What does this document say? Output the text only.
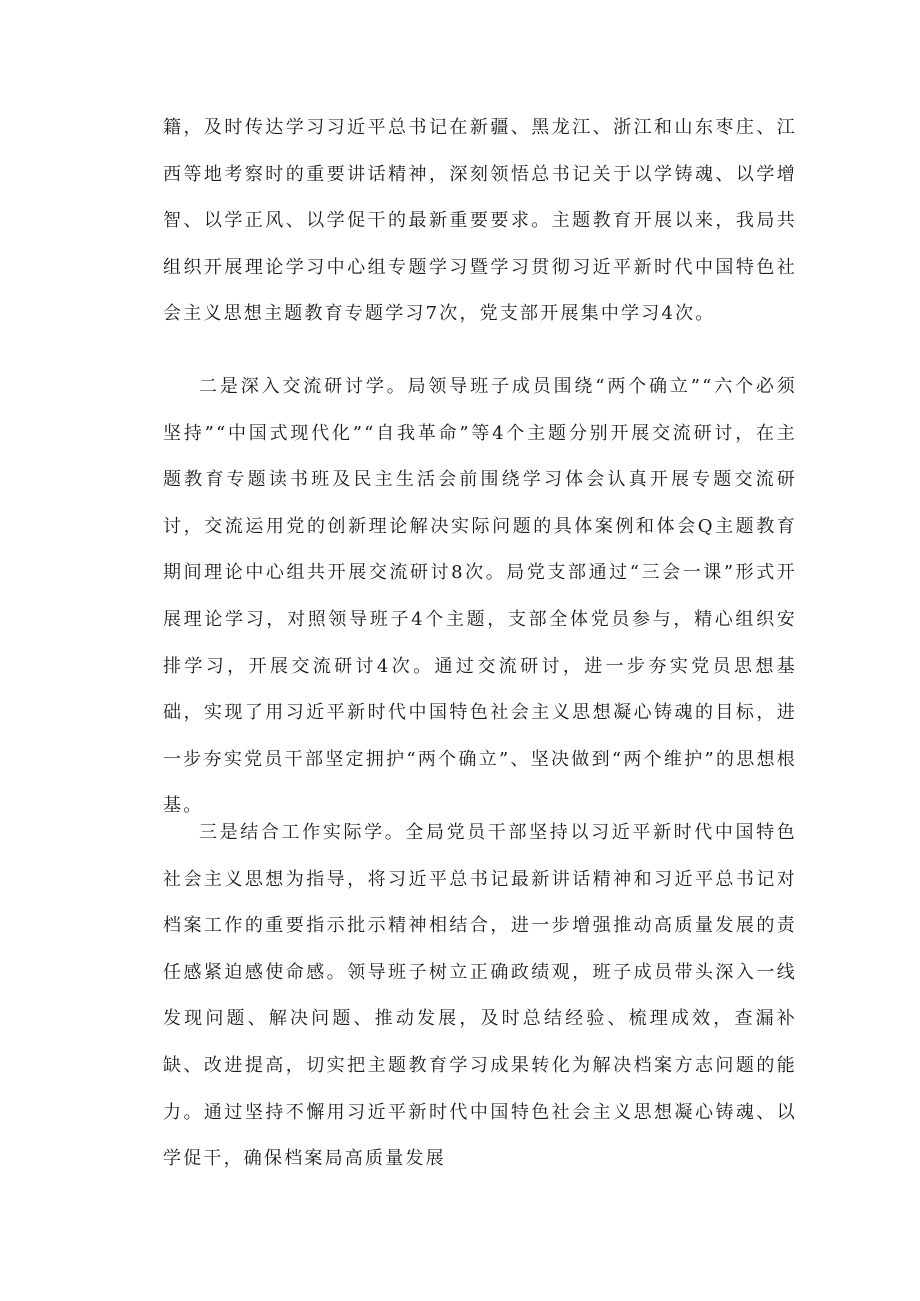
籍，及时传达学习习近平总书记在新疆、黑龙江、浙江和山东枣庄、江西等地考察时的重要讲话精神，深刻领悟总书记关于以学铸魂、以学增智、以学正风、以学促干的最新重要要求。主题教育开展以来，我局共组织开展理论学习中心组专题学习暨学习贯彻习近平新时代中国特色社会主义思想主题教育专题学习7次，党支部开展集中学习4次。

二是深入交流研讨学。局领导班子成员围绕“两个确立”“六个必须坚持”“中国式现代化”“自我革命”等4个主题分别开展交流研讨，在主题教育专题读书班及民主生活会前围绕学习体会认真开展专题交流研讨，交流运用党的创新理论解决实际问题的具体案例和体会Q主题教育期间理论中心组共开展交流研讨8次。局党支部通过“三会一课”形式开展理论学习，对照领导班子4个主题，支部全体党员参与，精心组织安排学习，开展交流研讨4次。通过交流研讨，进一步夯实党员思想基础，实现了用习近平新时代中国特色社会主义思想凝心铸魂的目标，进一步夯实党员干部坚定拥护“两个确立”、坚决做到“两个维护”的思想根基。

三是结合工作实际学。全局党员干部坚持以习近平新时代中国特色社会主义思想为指导，将习近平总书记最新讲话精神和习近平总书记对档案工作的重要指示批示精神相结合，进一步增强推动高质量发展的责任感紧迫感使命感。领导班子树立正确政绩观，班子成员带头深入一线发现问题、解决问题、推动发展，及时总结经验、梳理成效，查漏补缺、改进提高，切实把主题教育学习成果转化为解决档案方志问题的能力。通过坚持不懈用习近平新时代中国特色社会主义思想凝心铸魂、以学促干，确保档案局高质量发展
